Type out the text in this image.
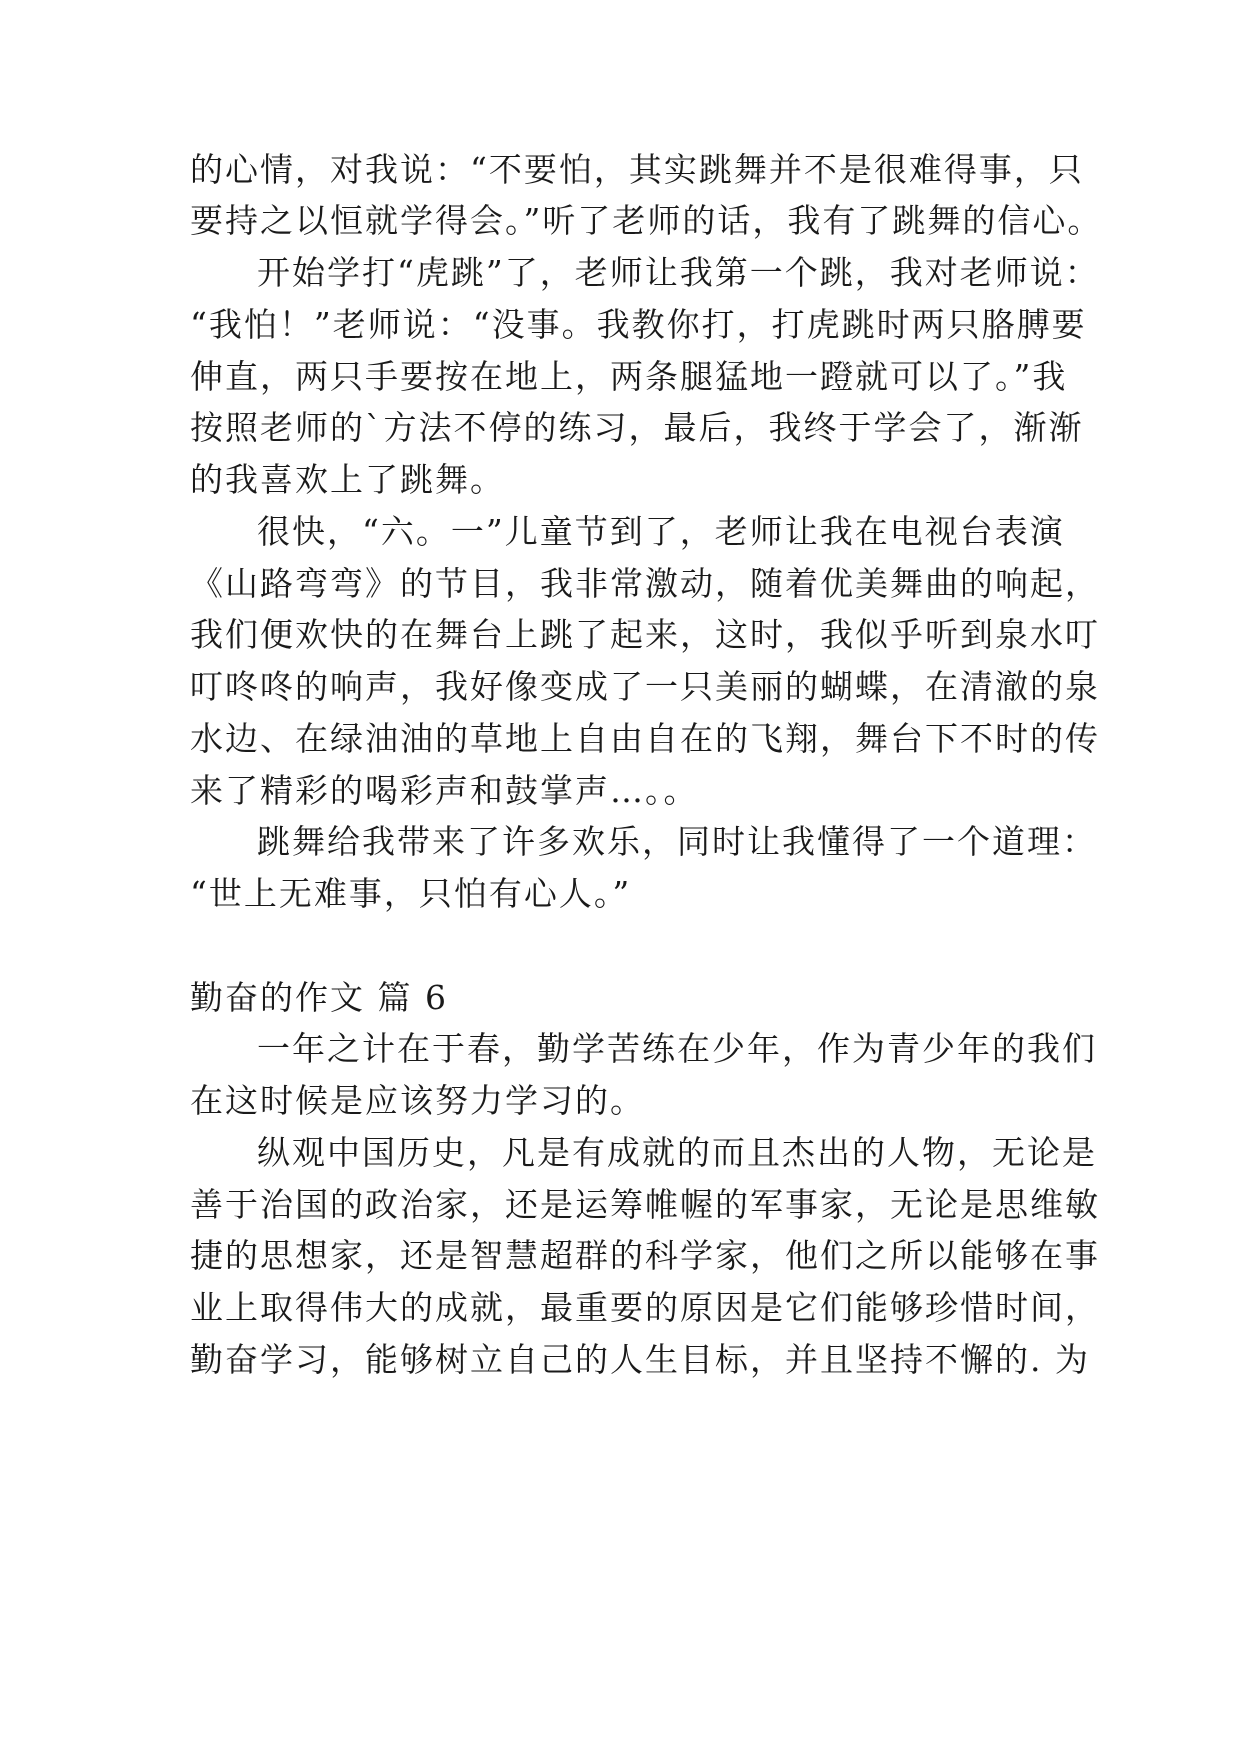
的心情，对我说：“不要怕，其实跳舞并不是很难得事，只
要持之以恒就学得会。”听了老师的话，我有了跳舞的信心。
开始学打“虎跳”了，老师让我第一个跳，我对老师说：
“我怕！”老师说：“没事。我教你打，打虎跳时两只胳膊要
伸直，两只手要按在地上，两条腿猛地一蹬就可以了。”我
按照老师的`方法不停的练习，最后，我终于学会了，渐渐
的我喜欢上了跳舞。
很快，“六。一”儿童节到了，老师让我在电视台表演
《山路弯弯》的节目，我非常激动，随着优美舞曲的响起，
我们便欢快的在舞台上跳了起来，这时，我似乎听到泉水叮
叮咚咚的响声，我好像变成了一只美丽的蝴蝶，在清澈的泉
水边、在绿油油的草地上自由自在的飞翔，舞台下不时的传
来了精彩的喝彩声和鼓掌声…。。
跳舞给我带来了许多欢乐，同时让我懂得了一个道理：
“世上无难事，只怕有心人。”
勤奋的作文 篇 6
一年之计在于春，勤学苦练在少年，作为青少年的我们
在这时候是应该努力学习的。
纵观中国历史，凡是有成就的而且杰出的人物，无论是
善于治国的政治家，还是运筹帷幄的军事家，无论是思维敏
捷的思想家，还是智慧超群的科学家，他们之所以能够在事
业上取得伟大的成就，最重要的原因是它们能够珍惜时间，
勤奋学习，能够树立自己的人生目标，并且坚持不懈的. 为
